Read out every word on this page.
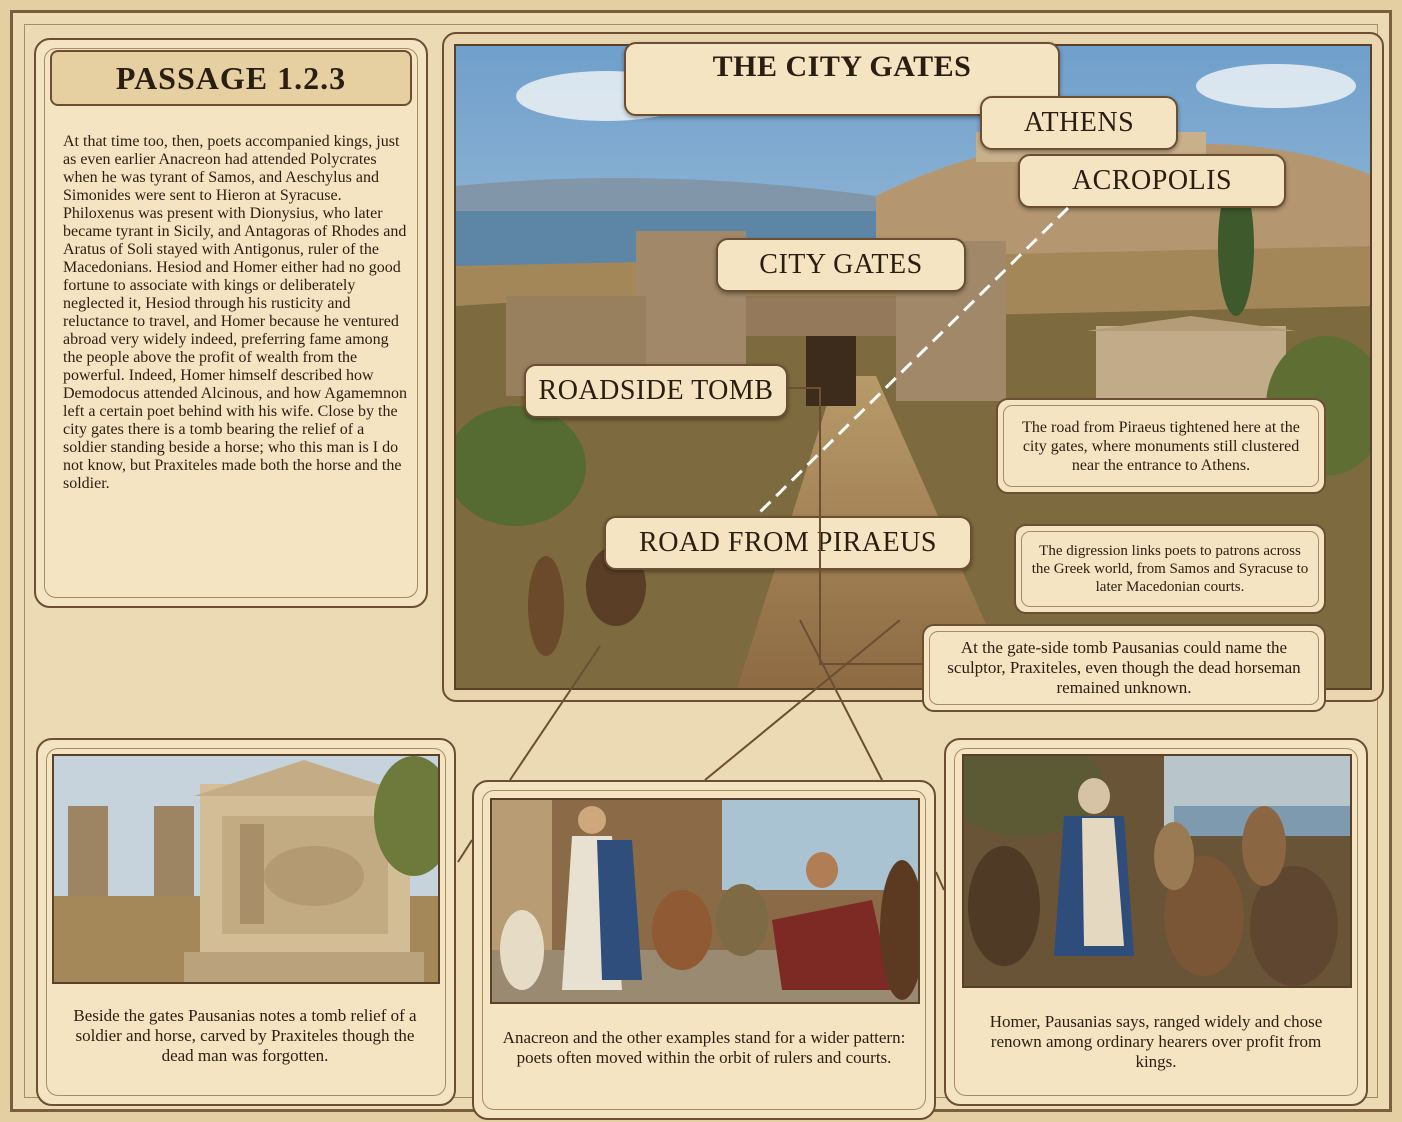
PASSAGE 1.2.3
At that time too, then, poets accompanied kings, just as even earlier Anacreon had attended Polycrates when he was tyrant of Samos, and Aeschylus and Simonides were sent to Hieron at Syracuse. Philoxenus was present with Dionysius, who later became tyrant in Sicily, and Antagoras of Rhodes and Aratus of Soli stayed with Antigonus, ruler of the Macedonians. Hesiod and Homer either had no good fortune to associate with kings or deliberately neglected it, Hesiod through his rusticity and reluctance to travel, and Homer because he ventured abroad very widely indeed, preferring fame among the people above the profit of wealth from the powerful. Indeed, Homer himself described how Demodocus attended Alcinous, and how Agamemnon left a certain poet behind with his wife. Close by the city gates there is a tomb bearing the relief of a soldier standing beside a horse; who this man is I do not know, but Praxiteles made both the horse and the soldier.
THE CITY GATES
ATHENS
ACROPOLIS
CITY GATES
ROADSIDE TOMB
ROAD FROM PIRAEUS
The road from Piraeus tightened here at the city gates, where monuments still clustered near the entrance to Athens.
The digression links poets to patrons across the Greek world, from Samos and Syracuse to later Macedonian courts.
At the gate-side tomb Pausanias could name the sculptor, Praxiteles, even though the dead horseman remained unknown.
Beside the gates Pausanias notes a tomb relief of a soldier and horse, carved by Praxiteles though the dead man was forgotten.
Anacreon and the other examples stand for a wider pattern: poets often moved within the orbit of rulers and courts.
Homer, Pausanias says, ranged widely and chose renown among ordinary hearers over profit from kings.
